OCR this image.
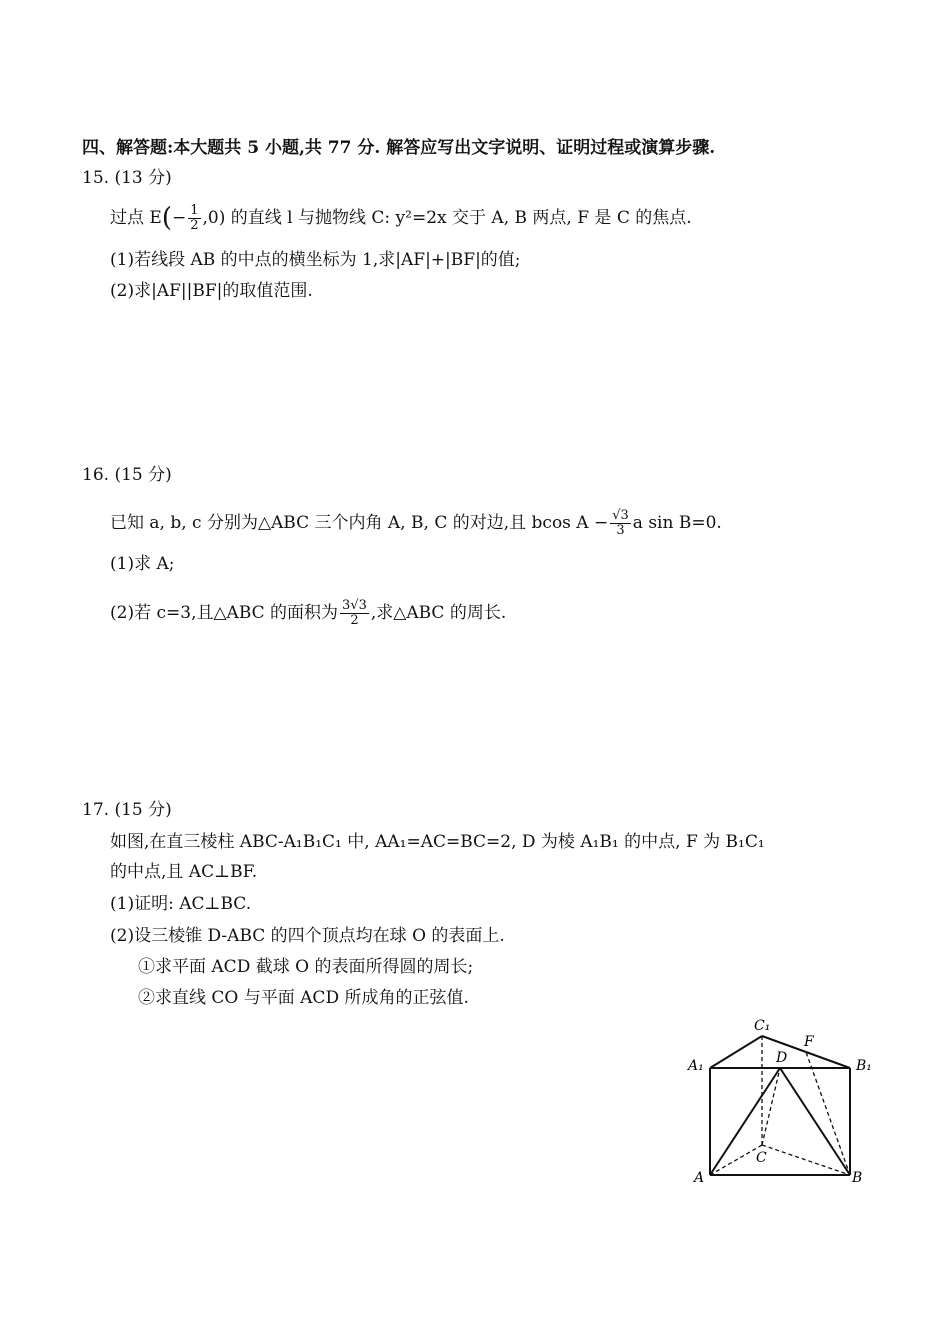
四、解答题:本大题共 5 小题,共 77 分. 解答应写出文字说明、证明过程或演算步骤.
15. (13 分)
过点 $E(- \frac{1}{2} ,0)$ 的直线 l 与抛物线 C: y²=2x 交于 A, B 两点, F 是 C 的焦点.
(1)若线段 AB 的中点的横坐标为 1,求|AF|+|BF|的值;
(2)求|AF||BF|的取值范围.
16. (15 分)
已知 a, b, c 分别为△ABC 三个内角 A, B, C 的对边,且 bcos $A - \frac{√3}{3}$ a sin B=0.
(1)求 A;
(2)若 c=3,且△ABC 的面积为 $\frac{3√3}{2}$ ,求△ABC 的周长.
17. (15 分)
如图,在直三棱柱 ABC-A₁B₁C₁ 中, AA₁=AC=BC=2, D 为棱 A₁B₁ 的中点, F 为 B₁C₁
的中点,且 AC⊥BF.
(1)证明: AC⊥BC.
(2)设三棱锥 D-ABC 的四个顶点均在球 O 的表面上.
①求平面 ACD 截球 O 的表面所得圆的周长;
②求直线 CO 与平面 ACD 所成角的正弦值.
C₁
F
D
A₁	B₁
C
A	B
